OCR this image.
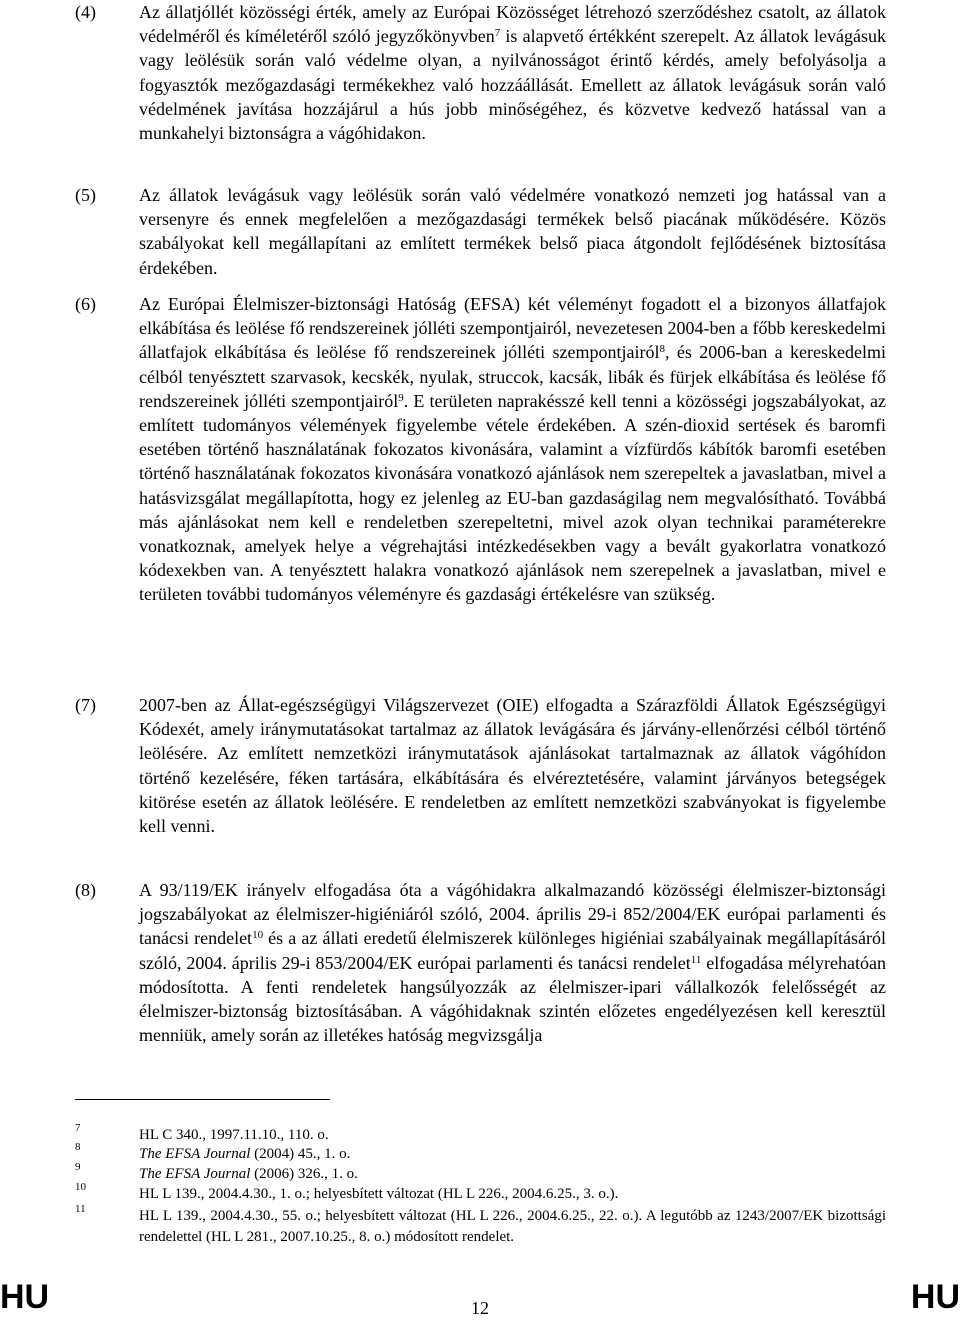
(4) Az állatjóllét közösségi érték, amely az Európai Közösséget létrehozó szerződéshez csatolt, az állatok védelméről és kíméletéről szóló jegyzőkönyvben$^7$ is alapvető értékként szerepelt. Az állatok levágásuk vagy leölésük során való védelme olyan, a nyilvánosságot érintő kérdés, amely befolyásolja a fogyasztók mezőgazdasági termékekhez való hozzáállását. Emellett az állatok levágásuk során való védelmének javítása hozzájárul a hús jobb minőségéhez, és közvetve kedvező hatással van a munkahelyi biztonságra a vágóhidakon.
(5) Az állatok levágásuk vagy leölésük során való védelmére vonatkozó nemzeti jog hatással van a versenyre és ennek megfelelően a mezőgazdasági termékek belső piacának működésére. Közös szabályokat kell megállapítani az említett termékek belső piaca átgondolt fejlődésének biztosítása érdekében.
(6) Az Európai Élelmiszer-biztonsági Hatóság (EFSA) két véleményt fogadott el a bizonyos állatfajok elkábítása és leölése fő rendszereinek jólléti szempontjairól, nevezetesen 2004-ben a főbb kereskedelmi állatfajok elkábítása és leölése fő rendszereinek jólléti szempontjairól$^8$, és 2006-ban a kereskedelmi célból tenyésztett szarvasok, kecskék, nyulak, struccok, kacsák, libák és fürjek elkábítása és leölése fő rendszereinek jólléti szempontjairól$^9$. E területen naprakésszé kell tenni a közösségi jogszabályokat, az említett tudományos vélemények figyelembe vétele érdekében. A szén-dioxid sertések és baromfi esetében történő használatának fokozatos kivonására, valamint a vízfürdős kábítók baromfi esetében történő használatának fokozatos kivonására vonatkozó ajánlások nem szerepeltek a javaslatban, mivel a hatásvizsgálat megállapította, hogy ez jelenleg az EU-ban gazdaságilag nem megvalósítható. Továbbá más ajánlásokat nem kell e rendeletben szerepeltetni, mivel azok olyan technikai paraméterekre vonatkoznak, amelyek helye a végrehajtási intézkedésekben vagy a bevált gyakorlatra vonatkozó kódexekben van. A tenyésztett halakra vonatkozó ajánlások nem szerepelnek a javaslatban, mivel e területen további tudományos véleményre és gazdasági értékelésre van szükség.
(7) 2007-ben az Állat-egészségügyi Világszervezet (OIE) elfogadta a Szárazföldi Állatok Egészségügyi Kódexét, amely iránymutatásokat tartalmaz az állatok levágására és járvány-ellenőrzési célból történő leölésére. Az említett nemzetközi iránymutatások ajánlásokat tartalmaznak az állatok vágóhídon történő kezelésére, féken tartására, elkábítására és elvéreztetésére, valamint járványos betegségek kitörése esetén az állatok leölésére. E rendeletben az említett nemzetközi szabványokat is figyelembe kell venni.
(8) A 93/119/EK irányelv elfogadása óta a vágóhidakra alkalmazandó közösségi élelmiszer-biztonsági jogszabályokat az élelmiszer-higiéniáról szóló, 2004. április 29-i 852/2004/EK európai parlamenti és tanácsi rendelet$^{10}$ és a az állati eredetű élelmiszerek különleges higiéniai szabályainak megállapításáról szóló, 2004. április 29-i 853/2004/EK európai parlamenti és tanácsi rendelet$^{11}$ elfogadása mélyrehatóan módosította. A fenti rendeletek hangsúlyozzák az élelmiszer-ipari vállalkozók felelősségét az élelmiszer-biztonság biztosításában. A vágóhidaknak szintén előzetes engedélyezésen kell keresztül menniük, amely során az illetékes hatóság megvizsgálja
7	HL C 340., 1997.11.10., 110. o.
8	The EFSA Journal (2004) 45., 1. o.
9	The EFSA Journal (2006) 326., 1. o.
10	HL L 139., 2004.4.30., 1. o.; helyesbített változat (HL L 226., 2004.6.25., 3. o.).
11	HL L 139., 2004.4.30., 55. o.; helyesbített változat (HL L 226., 2004.6.25., 22. o.). A legutóbb az 1243/2007/EK bizottsági rendelettel (HL L 281., 2007.10.25., 8. o.) módosított rendelet.
HU	12	HU
